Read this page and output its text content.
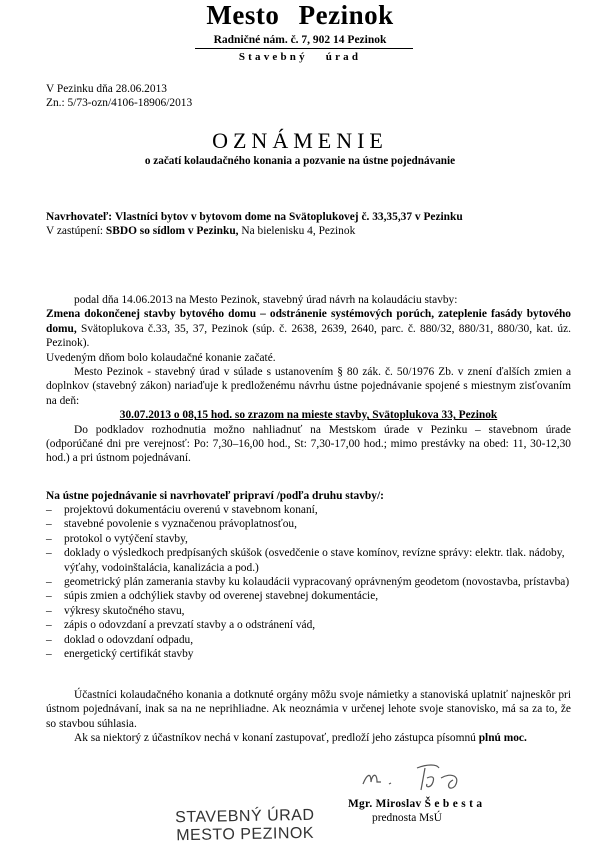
Mesto Pezinok
Radničné nám. č. 7, 902 14 Pezinok
Stavebný úrad
V Pezinku dňa 28.06.2013
Zn.: 5/73-ozn/4106-18906/2013
OZNÁMENIE
o začatí kolaudačného konania a pozvanie na ústne pojednávanie
Navrhovateľ: Vlastníci bytov v bytovom dome na Svätoplukovej č. 33,35,37 v Pezinku
V zastúpení: SBDO so sídlom v Pezinku, Na bielenisku 4, Pezinok

podal dňa 14.06.2013 na Mesto Pezinok, stavebný úrad návrh na kolaudáciu stavby:

Zmena dokončenej stavby bytového domu – odstránenie systémových porúch, zateplenie fasády bytového domu, Svätoplukova č.33, 35, 37, Pezinok (súp. č. 2638, 2639, 2640, parc. č. 880/32, 880/31, 880/30, kat. úz. Pezinok).

Uvedeným dňom bolo kolaudačné konanie začaté.

Mesto Pezinok - stavebný úrad v súlade s ustanovením § 80 zák. č. 50/1976 Zb. v znení ďalších zmien a doplnkov (stavebný zákon) nariaďuje k predloženému návrhu ústne pojednávanie spojené s miestnym zisťovaním na deň:

30.07.2013 o 08,15 hod. so zrazom na mieste stavby, Svätoplukova 33, Pezinok

Do podkladov rozhodnutia možno nahliadnuť na Mestskom úrade v Pezinku – stavebnom úrade (odporúčané dni pre verejnosť: Po: 7,30–16,00 hod., St: 7,30-17,00 hod.; mimo prestávky na obed: 11, 30-12,30 hod.) a pri ústnom pojednávaní.

Na ústne pojednávanie si navrhovateľ pripraví /podľa druhu stavby/:
– projektovú dokumentáciu overenú v stavebnom konaní,
– stavebné povolenie s vyznačenou právoplatnosťou,
– protokol o vytýčení stavby,
– doklady o výsledkoch predpísaných skúšok (osvedčenie o stave komínov, revízne správy: elektr. tlak. nádoby, výťahy, vodoinštalácia, kanalizácia a pod.)
– geometrický plán zamerania stavby ku kolaudácii vypracovaný oprávneným geodetom (novostavba, prístavba)
– súpis zmien a odchýliek stavby od overenej stavebnej dokumentácie,
– výkresy skutočného stavu,
– zápis o odovzdaní a prevzatí stavby a o odstránení vád,
– doklad o odovzdaní odpadu,
– energetický certifikát stavby

Účastníci kolaudačného konania a dotknuté orgány môžu svoje námietky a stanoviská uplatniť najneskôr pri ústnom pojednávaní, inak sa na ne neprihliadne. Ak neoznámia v určenej lehote svoje stanovisko, má sa za to, že so stavbou súhlasia.

Ak sa niektorý z účastníkov nechá v konaní zastupovať, predloží jeho zástupca písomnú plnú moc.

STAVEBNÝ ÚRAD
MESTO PEZINOK
Mgr. Miroslav Š e b e s t a
prednosta MsÚ
